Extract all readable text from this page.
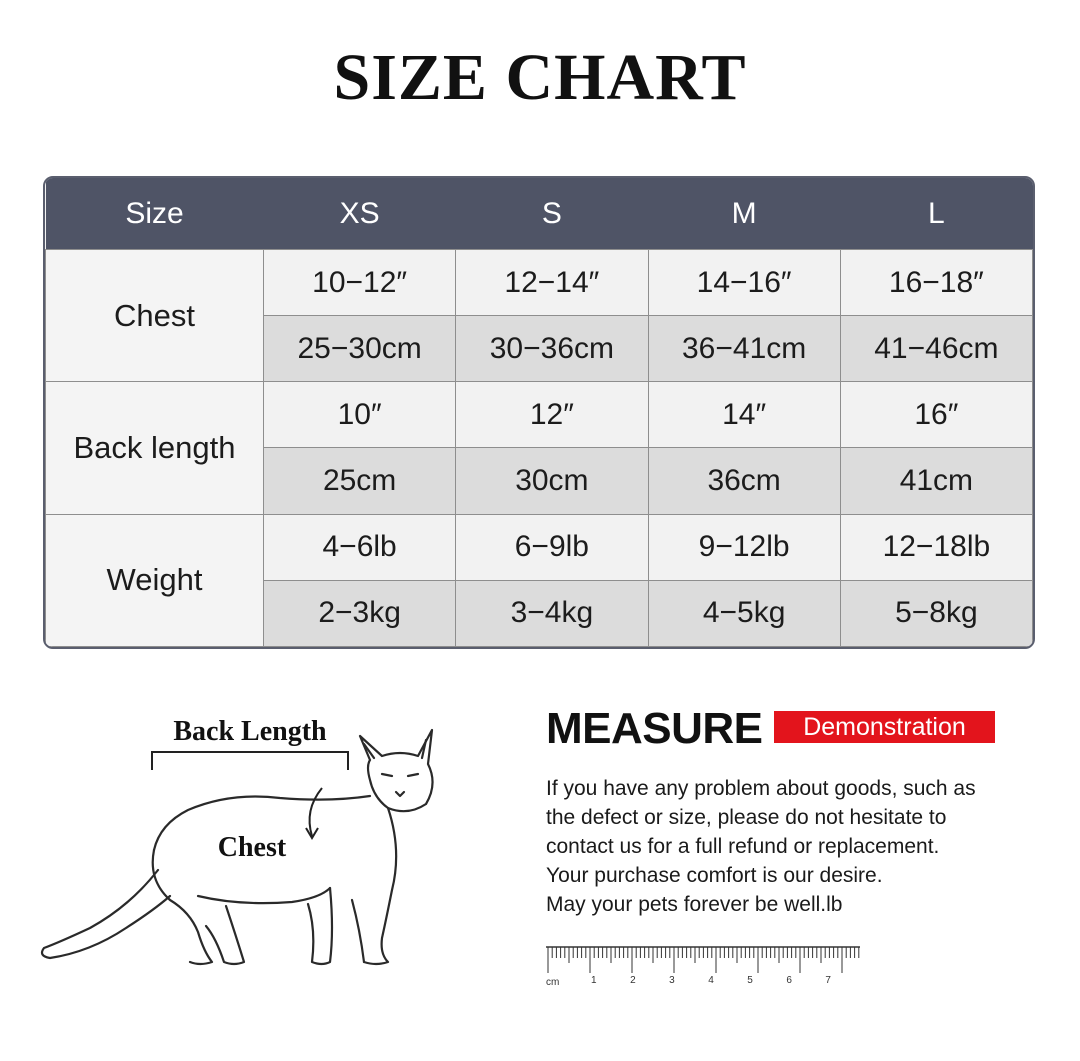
SIZE CHART
Size	XS	S	M	L
Chest	10−12″	12−14″	14−16″	16−18″
	25−30cm	30−36cm	36−41cm	41−46cm
Back length	10″	12″	14″	16″
	25cm	30cm	36cm	41cm
Weight	4−6lb	6−9lb	9−12lb	12−18lb
	2−3kg	3−4kg	4−5kg	5−8kg
Back Length
Chest
MEASURE	Demonstration
If you have any problem about goods, such as
the defect or size, please do not hesitate to
contact us for a full refund or replacement.
Your purchase comfort is our desire.
May your pets forever be well.lb
cm	1	2	3	4	5	6	7
